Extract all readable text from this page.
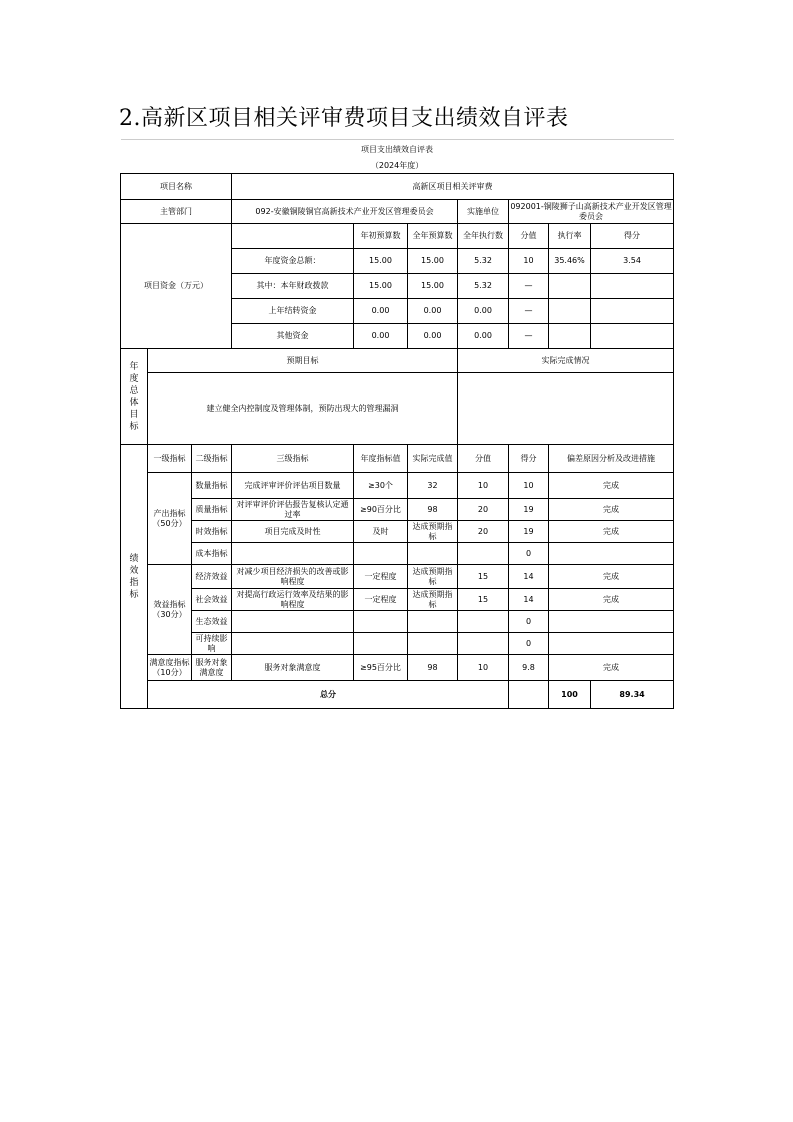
2.高新区项目相关评审费项目支出绩效自评表
项目支出绩效自评表										
（2024年度）										
项目名称			高新区项目相关评审费							
主管部门			092-安徽铜陵铜官高新技术产业开发区管理委员会			实施单位	092001-铜陵狮子山高新技术产业开发区管理委员会			
项目资金（万元）				年初预算数	全年预算数	全年执行数	分值	执行率	得分	
			年度资金总额：	15.00	15.00	5.32	10	35.46%	3.54	
			其中：本年财政拨款	15.00	15.00	5.32	—			
			上年结转资金	0.00	0.00	0.00	—			
			其他资金	0.00	0.00	0.00	—			
年度总体目标	预期目标					实际完成情况				
	建立健全内控制度及管理体制，预防出现大的管理漏洞									
绩效指标	一级指标	二级指标	三级指标	年度指标值	实际完成值	分值	得分	偏差原因分析及改进措施		
	产出指标（50分）	数量指标	完成评审评价评估项目数量	≥30个	32	10	10	完成		
		质量指标	对评审评价评估报告复核认定通过率	≥90百分比	98	20	19	完成		
		时效指标	项目完成及时性	及时	达成预期指标	20	19	完成		
		成本指标					0			
	效益指标（30分）	经济效益	对减少项目经济损失的改善或影响程度	一定程度	达成预期指标	15	14	完成		
		社会效益	对提高行政运行效率及结果的影响程度	一定程度	达成预期指标	15	14	完成		
		生态效益					0			
		可持续影响					0			
	满意度指标（10分）	服务对象满意度	服务对象满意度	≥95百分比	98	10	9.8	完成		
	总分							100	89.34	
